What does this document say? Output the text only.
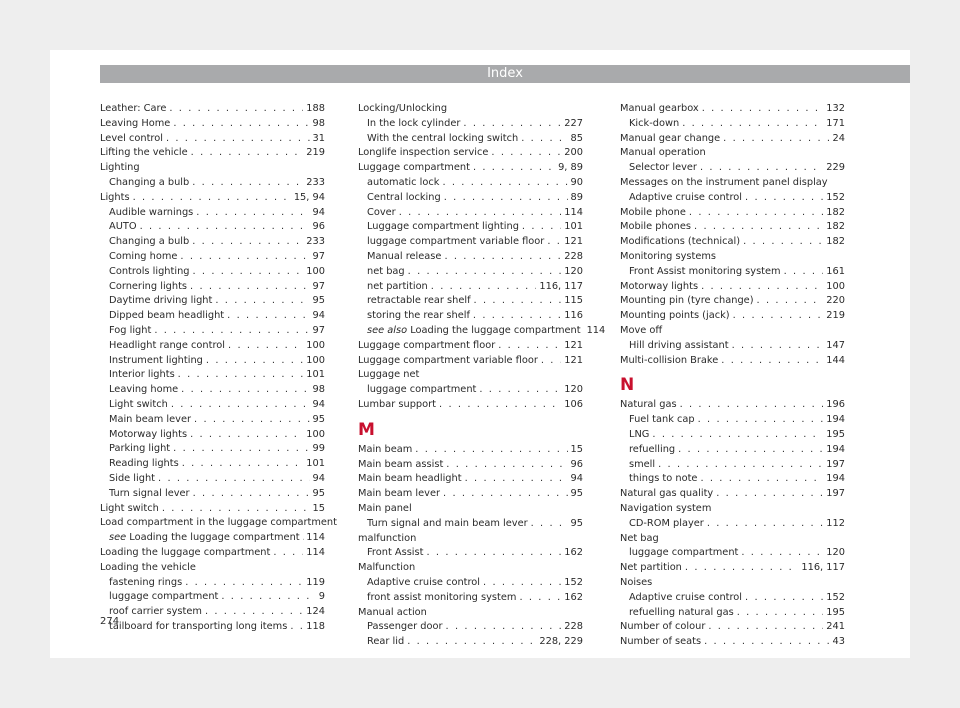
Index
Leather: Care . . .	188
Leaving Home . . .	98
Level control . . .	31
Lifting the vehicle . . .	219
Lighting
Changing a bulb . . .	233
Lights . . .	15, 94
Audible warnings . . .	94
AUTO . . .	96
Changing a bulb . . .	233
Coming home . . .	97
Controls lighting . . .	100
Cornering lights . . .	97
Daytime driving light . . .	95
Dipped beam headlight . . .	94
Fog light . . .	97
Headlight range control . . .	100
Instrument lighting . . .	100
Interior lights . . .	101
Leaving home . . .	98
Light switch . . .	94
Main beam lever . . .	95
Motorway lights . . .	100
Parking light . . .	99
Reading lights . . .	101
Side light . . .	94
Turn signal lever . . .	95
Light switch . . .	15
Load compartment in the luggage compartment
see Loading the luggage compartment . . . 114
Loading the luggage compartment . . .	114
Loading the vehicle
fastening rings . . .	119
luggage compartment . . .	9
roof carrier system . . .	124
tailboard for transporting long items . . . 118
Locking/Unlocking
In the lock cylinder . . .	227
With the central locking switch . . .	85
Longlife inspection service . . .	200
Luggage compartment . . .	9, 89
automatic lock . . .	90
Central locking . . .	89
Cover . . .	114
Luggage compartment lighting . . .	101
luggage compartment variable floor . . . 121
Manual release . . .	228
net bag . . .	120
net partition . . .	116, 117
retractable rear shelf . . .	115
storing the rear shelf . . .	116
see also Loading the luggage compartment 114
Luggage compartment floor . . .	121
Luggage compartment variable floor . . .	121
Luggage net
luggage compartment . . .	120
Lumbar support . . .	106
M
Main beam . . .	15
Main beam assist . . .	96
Main beam headlight . . .	94
Main beam lever . . .	95
Main panel
Turn signal and main beam lever . . .	95
malfunction
Front Assist . . .	162
Malfunction
Adaptive cruise control . . .	152
front assist monitoring system . . .	162
Manual action
Passenger door . . .	228
Rear lid . . .	228, 229
Manual gearbox . . .	132
Kick-down . . .	171
Manual gear change . . .	24
Manual operation
Selector lever . . .	229
Messages on the instrument panel display
Adaptive cruise control . . .	152
Mobile phone . . .	182
Mobile phones . . .	182
Modifications (technical) . . .	182
Monitoring systems
Front Assist monitoring system . . .	161
Motorway lights . . .	100
Mounting pin (tyre change) . . .	220
Mounting points (jack) . . .	219
Move off
Hill driving assistant . . .	147
Multi-collision Brake . . .	144
N
Natural gas . . .	196
Fuel tank cap . . .	194
LNG . . .	195
refuelling . . .	194
smell . . .	197
things to note . . .	194
Natural gas quality . . .	197
Navigation system
CD-ROM player . . .	112
Net bag
luggage compartment . . .	120
Net partition . . .	116, 117
Noises
Adaptive cruise control . . .	152
refuelling natural gas . . .	195
Number of colour . . .	241
Number of seats . . .	43
274
